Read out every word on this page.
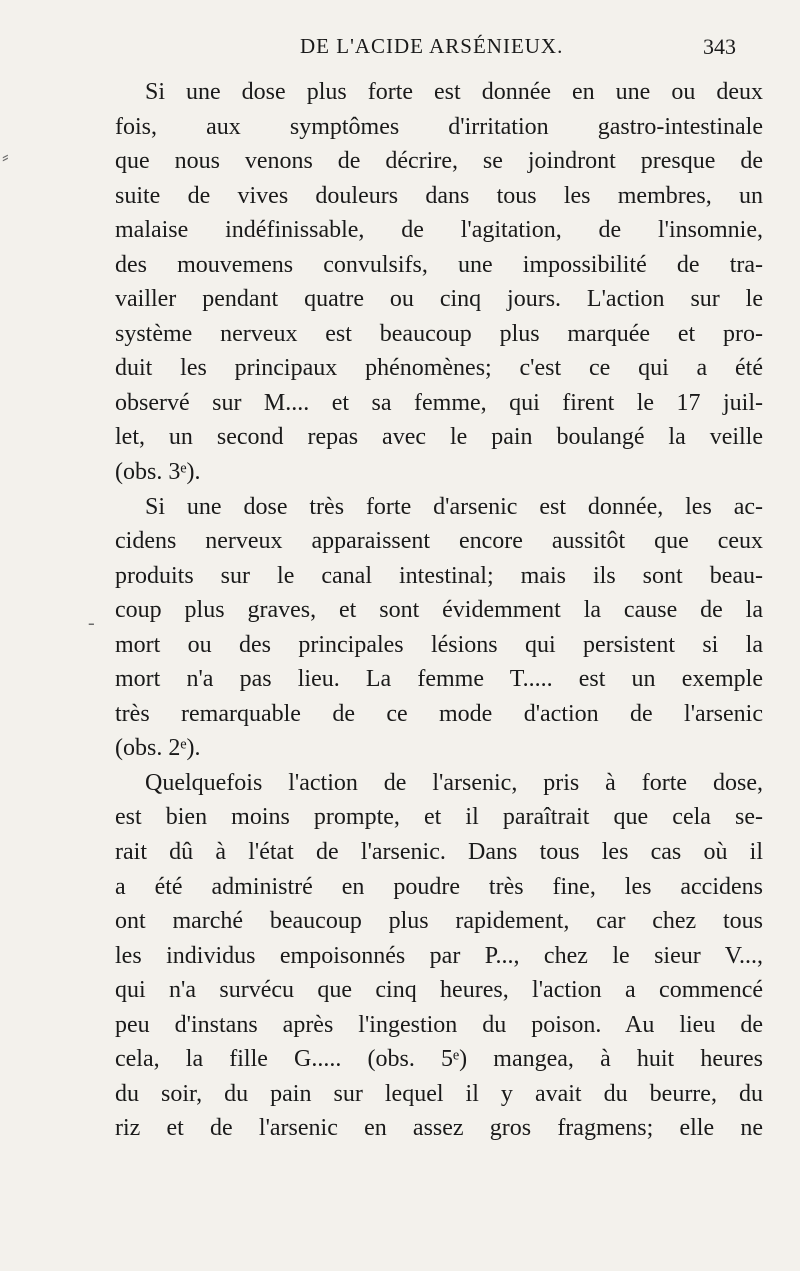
DE L'ACIDE ARSÉNIEUX.	343
Si une dose plus forte est donnée en une ou deux
fois, aux symptômes d'irritation gastro-intestinale
que nous venons de décrire, se joindront presque de
suite de vives douleurs dans tous les membres, un
malaise indéfinissable, de l'agitation, de l'insomnie,
des mouvemens convulsifs, une impossibilité de tra-
vailler pendant quatre ou cinq jours. L'action sur le
système nerveux est beaucoup plus marquée et pro-
duit les principaux phénomènes; c'est ce qui a été
observé sur M.... et sa femme, qui firent le 17 juil-
let, un second repas avec le pain boulangé la veille
(obs. 3ᵉ).
Si une dose très forte d'arsenic est donnée, les ac-
cidens nerveux apparaissent encore aussitôt que ceux
produits sur le canal intestinal; mais ils sont beau-
coup plus graves, et sont évidemment la cause de la
mort ou des principales lésions qui persistent si la
mort n'a pas lieu. La femme T..... est un exemple
très remarquable de ce mode d'action de l'arsenic
(obs. 2ᵉ).
Quelquefois l'action de l'arsenic, pris à forte dose,
est bien moins prompte, et il paraîtrait que cela se-
rait dû à l'état de l'arsenic. Dans tous les cas où il
a été administré en poudre très fine, les accidens
ont marché beaucoup plus rapidement, car chez tous
les individus empoisonnés par P..., chez le sieur V...,
qui n'a survécu que cinq heures, l'action a commencé
peu d'instans après l'ingestion du poison. Au lieu de
cela, la fille G..... (obs. 5ᵉ) mangea, à huit heures
du soir, du pain sur lequel il y avait du beurre, du
riz et de l'arsenic en assez gros fragmens; elle ne
⸗
-
